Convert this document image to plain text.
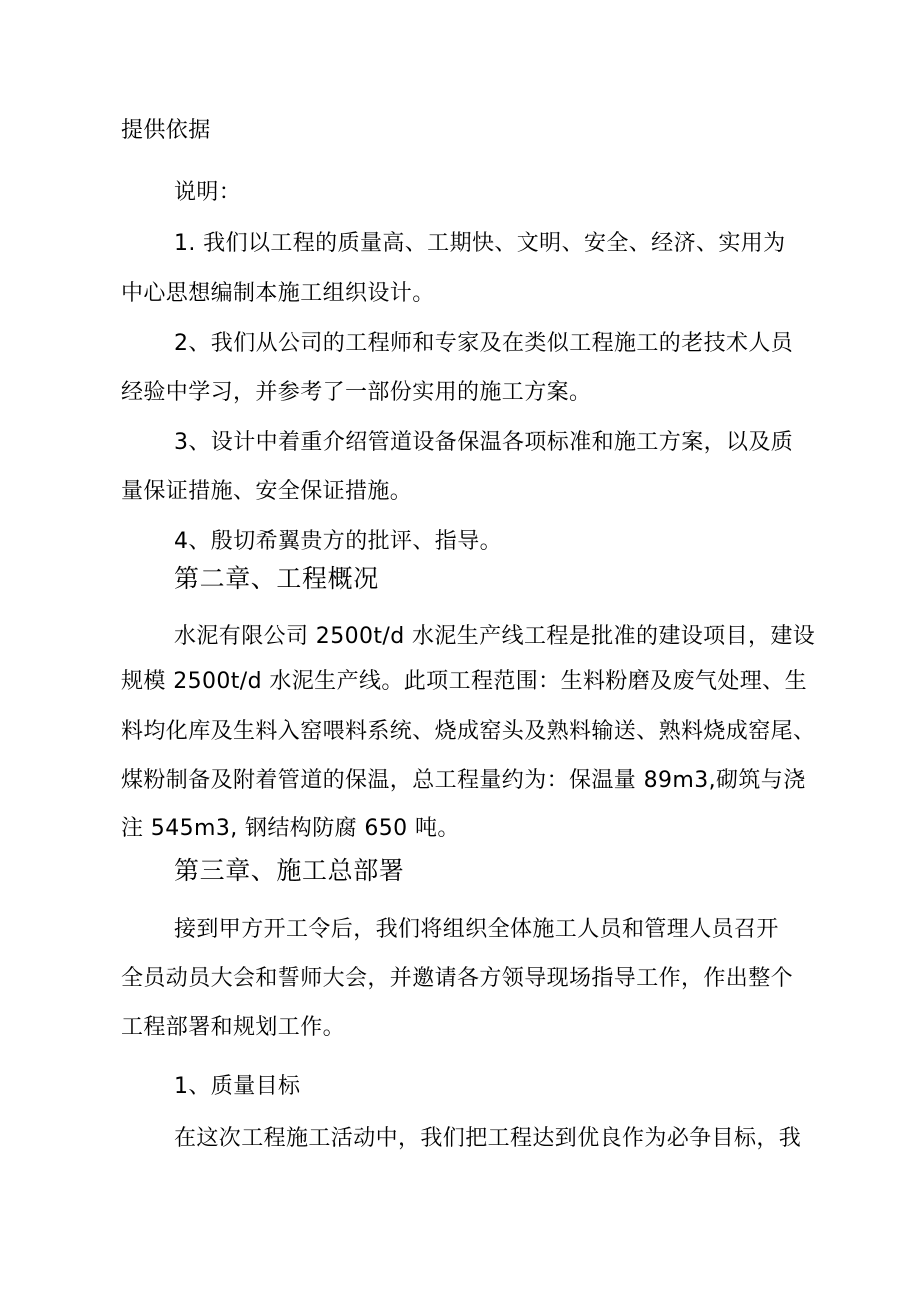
提供依据
说明：
1. 我们以工程的质量高、工期快、文明、安全、经济、实用为
中心思想编制本施工组织设计。
2、我们从公司的工程师和专家及在类似工程施工的老技术人员
经验中学习，并参考了一部份实用的施工方案。
3、设计中着重介绍管道设备保温各项标准和施工方案，以及质
量保证措施、安全保证措施。
4、殷切希翼贵方的批评、指导。
第二章、工程概况
水泥有限公司 2500t/d 水泥生产线工程是批准的建设项目，建设
规模 2500t/d 水泥生产线。此项工程范围：生料粉磨及废气处理、生
料均化库及生料入窑喂料系统、烧成窑头及熟料输送、熟料烧成窑尾、
煤粉制备及附着管道的保温，总工程量约为：保温量 89m3,砌筑与浇
注 545m3, 钢结构防腐 650 吨。
第三章、施工总部署
接到甲方开工令后，我们将组织全体施工人员和管理人员召开
全员动员大会和誓师大会，并邀请各方领导现场指导工作，作出整个
工程部署和规划工作。
1、质量目标
在这次工程施工活动中，我们把工程达到优良作为必争目标，我
